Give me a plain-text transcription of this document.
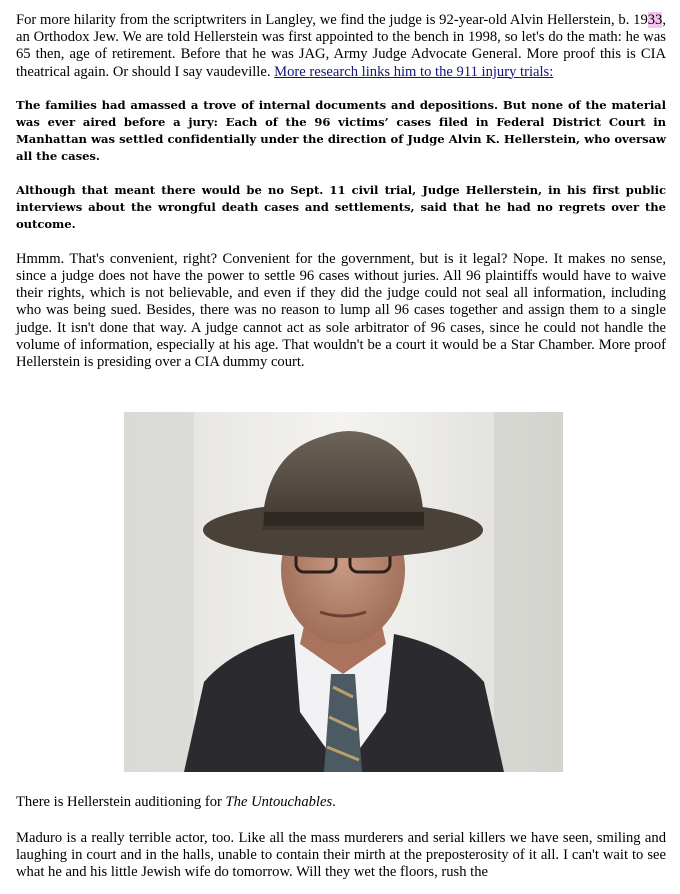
For more hilarity from the scriptwriters in Langley, we find the judge is 92-year-old Alvin Hellerstein, b. 1933, an Orthodox Jew. We are told Hellerstein was first appointed to the bench in 1998, so let's do the math: he was 65 then, age of retirement. Before that he was JAG, Army Judge Advocate General. More proof this is CIA theatrical again. Or should I say vaudeville. More research links him to the 911 injury trials:

The families had amassed a trove of internal documents and depositions. But none of the material was ever aired before a jury: Each of the 96 victims’ cases filed in Federal District Court in Manhattan was settled confidentially under the direction of Judge Alvin K. Hellerstein, who oversaw all the cases.

Although that meant there would be no Sept. 11 civil trial, Judge Hellerstein, in his first public interviews about the wrongful death cases and settlements, said that he had no regrets over the outcome.

Hmmm. That's convenient, right? Convenient for the government, but is it legal? Nope. It makes no sense, since a judge does not have the power to settle 96 cases without juries. All 96 plaintiffs would have to waive their rights, which is not believable, and even if they did the judge could not seal all information, including who was being sued. Besides, there was no reason to lump all 96 cases together and assign them to a single judge. It isn't done that way. A judge cannot act as sole arbitrator of 96 cases, since he could not handle the volume of information, especially at his age. That wouldn't be a court it would be a Star Chamber. More proof Hellerstein is presiding over a CIA dummy court.

There is Hellerstein auditioning for The Untouchables.

Maduro is a really terrible actor, too. Like all the mass murderers and serial killers we have seen, smiling and laughing in court and in the halls, unable to contain their mirth at the preposterosity of it all. I can't wait to see what he and his little Jewish wife do tomorrow. Will they wet the floors, rush the
